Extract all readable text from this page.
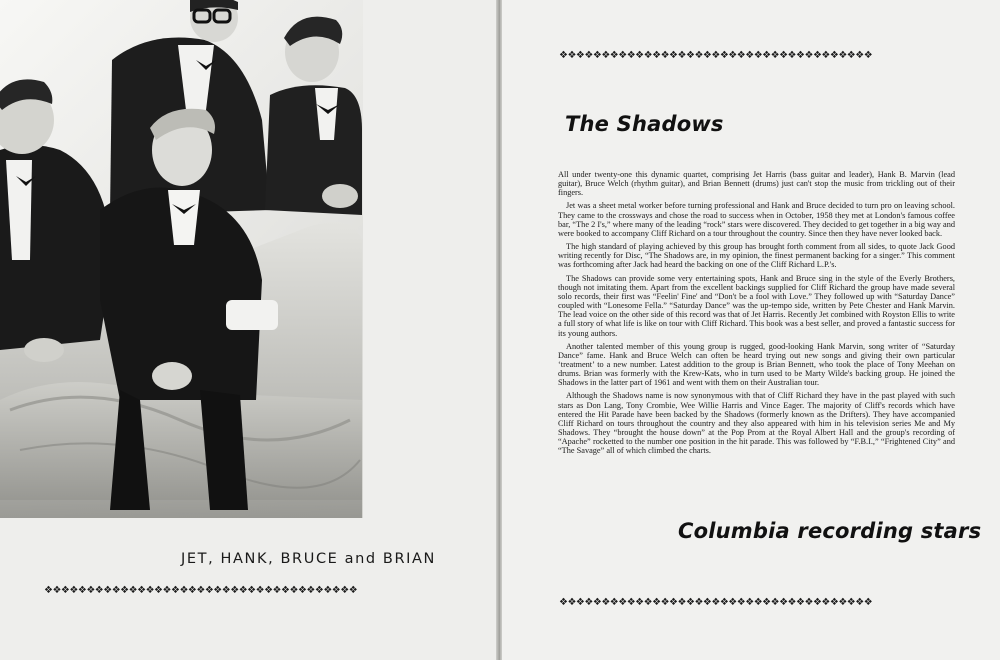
JET, HANK, BRUCE and BRIAN
❖❖❖❖❖❖❖❖❖❖❖❖❖❖❖❖❖❖❖❖❖❖❖❖❖❖❖❖❖❖❖❖❖❖❖❖❖
❖❖❖❖❖❖❖❖❖❖❖❖❖❖❖❖❖❖❖❖❖❖❖❖❖❖❖❖❖❖❖❖❖❖❖❖❖
The Shadows

All under twenty-one this dynamic quartet, comprising Jet Harris (bass guitar and leader), Hank B. Marvin (lead guitar), Bruce Welch (rhythm guitar), and Brian Bennett (drums) just can't stop the music from trickling out of their fingers.

Jet was a sheet metal worker before turning professional and Hank and Bruce decided to turn pro on leaving school. They came to the crossways and chose the road to success when in October, 1958 they met at London's famous coffee bar, “The 2 I's,” where many of the leading “rock” stars were discovered. They decided to get together in a big way and were booked to accompany Cliff Richard on a tour throughout the country. Since then they have never looked back.

The high standard of playing achieved by this group has brought forth comment from all sides, to quote Jack Good writing recently for Disc, “The Shadows are, in my opinion, the finest permanent backing for a singer.” This comment was forthcoming after Jack had heard the backing on one of the Cliff Richard L.P.'s.

The Shadows can provide some very entertaining spots, Hank and Bruce sing in the style of the Everly Brothers, though not imitating them. Apart from the excellent backings supplied for Cliff Richard the group have made several solo records, their first was “Feelin' Fine' and “Don't be a fool with Love.” They followed up with “Saturday Dance” coupled with “Lonesome Fella.” “Saturday Dance” was the up-tempo side, written by Pete Chester and Hank Marvin. The lead voice on the other side of this record was that of Jet Harris. Recently Jet combined with Royston Ellis to write a full story of what life is like on tour with Cliff Richard. This book was a best seller, and proved a fantastic success for its young authors.

Another talented member of this young group is rugged, good-looking Hank Marvin, song writer of “Saturday Dance” fame. Hank and Bruce Welch can often be heard trying out new songs and giving their own particular ‘treatment’ to a new number. Latest addition to the group is Brian Bennett, who took the place of Tony Meehan on drums. Brian was formerly with the Krew-Kats, who in turn used to be Marty Wilde's backing group. He joined the Shadows in the latter part of 1961 and went with them on their Australian tour.

Although the Shadows name is now synonymous with that of Cliff Richard they have in the past played with such stars as Don Lang, Tony Crombie, Wee Willie Harris and Vince Eager. The majority of Cliff's records which have entered the Hit Parade have been backed by the Shadows (formerly known as the Drifters). They have accompanied Cliff Richard on tours throughout the country and they also appeared with him in his television series Me and My Shadows. They “brought the house down” at the Pop Prom at the Royal Albert Hall and the group's recording of “Apache” rocketted to the number one position in the hit parade. This was followed by “F.B.I.,” “Frightened City” and “The Savage” all of which climbed the charts.

Columbia recording stars
❖❖❖❖❖❖❖❖❖❖❖❖❖❖❖❖❖❖❖❖❖❖❖❖❖❖❖❖❖❖❖❖❖❖❖❖❖
